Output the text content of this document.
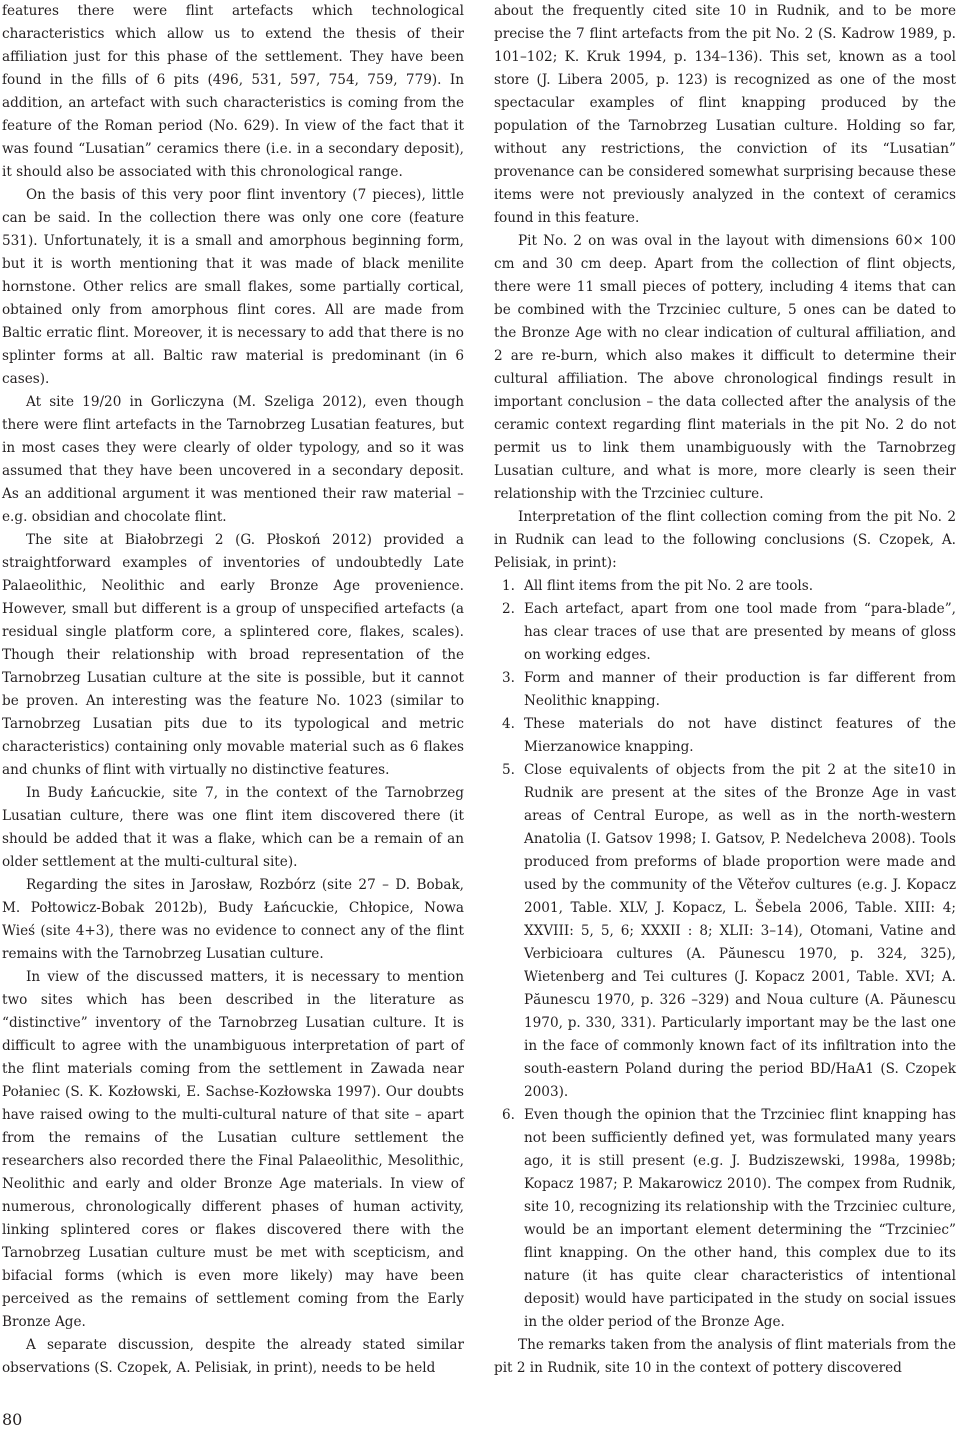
features there were flint artefacts which technological characteristics which allow us to extend the thesis of their affiliation just for this phase of the settlement. They have been found in the fills of 6 pits (496, 531, 597, 754, 759, 779). In addition, an artefact with such characteristics is coming from the feature of the Roman period (No. 629). In view of the fact that it was found “Lusatian” ceramics there (i.e. in a secondary deposit), it should also be associated with this chronological range.

On the basis of this very poor flint inventory (7 pieces), little can be said. In the collection there was only one core (feature 531). Unfortunately, it is a small and amorphous beginning form, but it is worth mentioning that it was made of black menilite hornstone. Other relics are small flakes, some partially cortical, obtained only from amorphous flint cores. All are made from Baltic erratic flint. Moreover, it is necessary to add that there is no splinter forms at all. Baltic raw material is predominant (in 6 cases).

At site 19/20 in Gorliczyna (M. Szeliga 2012), even though there were flint artefacts in the Tarnobrzeg Lusatian features, but in most cases they were clearly of older typology, and so it was assumed that they have been uncovered in a secondary deposit. As an additional argument it was mentioned their raw material – e.g. obsidian and chocolate flint.

The site at Białobrzegi 2 (G. Płoskoń 2012) provided a straightforward examples of inventories of undoubtedly Late Palaeolithic, Neolithic and early Bronze Age provenience. However, small but different is a group of unspecified artefacts (a residual single platform core, a splintered core, flakes, scales). Though their relationship with broad representation of the Tarnobrzeg Lusatian culture at the site is possible, but it cannot be proven. An interesting was the feature No. 1023 (similar to Tarnobrzeg Lusatian pits due to its typological and metric characteristics) containing only movable material such as 6 flakes and chunks of flint with virtually no distinctive features.

In Budy Łańcuckie, site 7, in the context of the Tarnobrzeg Lusatian culture, there was one flint item discovered there (it should be added that it was a flake, which can be a remain of an older settlement at the multi-cultural site).

Regarding the sites in Jarosław, Rozbórz (site 27 – D. Bobak, M. Połtowicz-Bobak 2012b), Budy Łańcuckie, Chłopice, Nowa Wieś (site 4+3), there was no evidence to connect any of the flint remains with the Tarnobrzeg Lusatian culture.

In view of the discussed matters, it is necessary to mention two sites which has been described in the literature as “distinctive” inventory of the Tarnobrzeg Lusatian culture. It is difficult to agree with the unambiguous interpretation of part of the flint materials coming from the settlement in Zawada near Połaniec (S. K. Kozłowski, E. Sachse-Kozłowska 1997). Our doubts have raised owing to the multi-cultural nature of that site – apart from the remains of the Lusatian culture settlement the researchers also recorded there the Final Palaeolithic, Mesolithic, Neolithic and early and older Bronze Age materials. In view of numerous, chronologically different phases of human activity, linking splintered cores or flakes discovered there with the Tarnobrzeg Lusatian culture must be met with scepticism, and bifacial forms (which is even more likely) may have been perceived as the remains of settlement coming from the Early Bronze Age.

A separate discussion, despite the already stated similar observations (S. Czopek, A. Pelisiak, in print), needs to be held

about the frequently cited site 10 in Rudnik, and to be more precise the 7 flint artefacts from the pit No. 2 (S. Kadrow 1989, p. 101–102; K. Kruk 1994, p. 134–136). This set, known as a tool store (J. Libera 2005, p. 123) is recognized as one of the most spectacular examples of flint knapping produced by the population of the Tarnobrzeg Lusatian culture. Holding so far, without any restrictions, the conviction of its “Lusatian” provenance can be considered somewhat surprising because these items were not previously analyzed in the context of ceramics found in this feature.

Pit No. 2 on was oval in the layout with dimensions 60× 100 cm and 30 cm deep. Apart from the collection of flint objects, there were 11 small pieces of pottery, including 4 items that can be combined with the Trzciniec culture, 5 ones can be dated to the Bronze Age with no clear indication of cultural affiliation, and 2 are re-burn, which also makes it difficult to determine their cultural affiliation. The above chronological findings result in important conclusion – the data collected after the analysis of the ceramic context regarding flint materials in the pit No. 2 do not permit us to link them unambiguously with the Tarnobrzeg Lusatian culture, and what is more, more clearly is seen their relationship with the Trzciniec culture.

Interpretation of the flint collection coming from the pit No. 2 in Rudnik can lead to the following conclusions (S. Czopek, A. Pelisiak, in print):

1. All flint items from the pit No. 2 are tools.
2. Each artefact, apart from one tool made from “para-blade”, has clear traces of use that are presented by means of gloss on working edges.
3. Form and manner of their production is far different from Neolithic knapping.
4. These materials do not have distinct features of the Mierzanowice knapping.
5. Close equivalents of objects from the pit 2 at the site10 in Rudnik are present at the sites of the Bronze Age in vast areas of Central Europe, as well as in the north-western Anatolia (I. Gatsov 1998; I. Gatsov, P. Nedelcheva 2008). Tools produced from preforms of blade proportion were made and used by the community of the Věteřov cultures (e.g. J. Kopacz 2001, Table. XLV, J. Kopacz, L. Šebela 2006, Table. XIII: 4; XXVIII: 5, 5, 6; XXXII : 8; XLII: 3–14), Otomani, Vatine and Verbicioara cultures (A. Păunescu 1970, p. 324, 325), Wietenberg and Tei cultures (J. Kopacz 2001, Table. XVI; A. Păunescu 1970, p. 326 –329) and Noua culture (A. Păunescu 1970, p. 330, 331). Particularly important may be the last one in the face of commonly known fact of its infiltration into the south-eastern Poland during the period BD/HaA1 (S. Czopek 2003).
6. Even though the opinion that the Trzciniec flint knapping has not been sufficiently defined yet, was formulated many years ago, it is still present (e.g. J. Budziszewski, 1998a, 1998b; Kopacz 1987; P. Makarowicz 2010). The compex from Rudnik, site 10, recognizing its relationship with the Trzciniec culture, would be an important element determining the “Trzciniec” flint knapping. On the other hand, this complex due to its nature (it has quite clear characteristics of intentional deposit) would have participated in the study on social issues in the older period of the Bronze Age.

The remarks taken from the analysis of flint materials from the pit 2 in Rudnik, site 10 in the context of pottery discovered

80
